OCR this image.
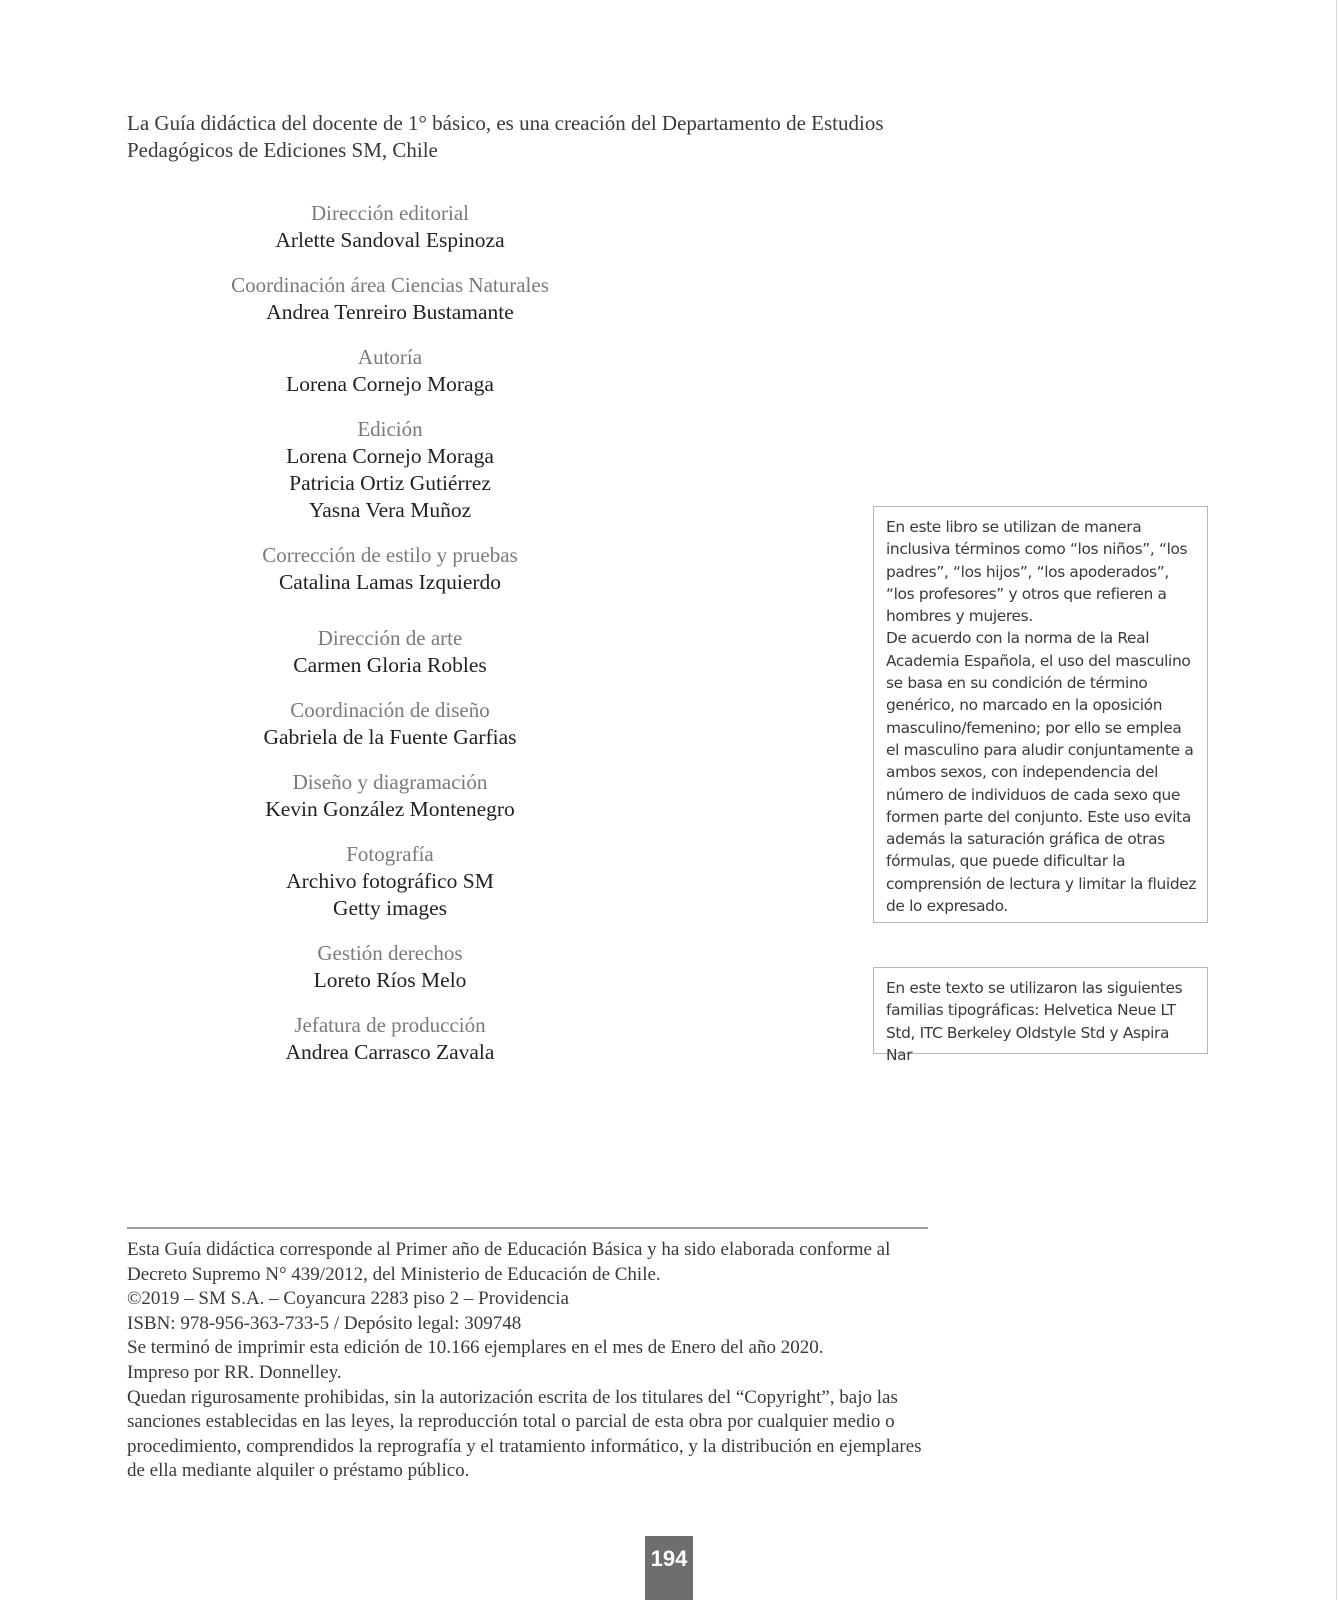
La Guía didáctica del docente de 1° básico, es una creación del Departamento de Estudios Pedagógicos de Ediciones SM, Chile
Dirección editorial
Arlette Sandoval Espinoza
Coordinación área Ciencias Naturales
Andrea Tenreiro Bustamante
Autoría
Lorena Cornejo Moraga
Edición
Lorena Cornejo Moraga
Patricia Ortiz Gutiérrez
Yasna Vera Muñoz
Corrección de estilo y pruebas
Catalina Lamas Izquierdo
Dirección de arte
Carmen Gloria Robles
Coordinación de diseño
Gabriela de la Fuente Garfias
Diseño y diagramación
Kevin González Montenegro
Fotografía
Archivo fotográfico SM
Getty images
Gestión derechos
Loreto Ríos Melo
Jefatura de producción
Andrea Carrasco Zavala

En este libro se utilizan de manera inclusiva términos como “los niños”, “los padres”, “los hijos”, “los apoderados”, “los profesores” y otros que refieren a hombres y mujeres.

De acuerdo con la norma de la Real Academia Española, el uso del masculino se basa en su condición de término genérico, no marcado en la oposición masculino/femenino; por ello se emplea el masculino para aludir conjuntamente a ambos sexos, con independencia del número de individuos de cada sexo que formen parte del conjunto. Este uso evita además la saturación gráfica de otras fórmulas, que puede dificultar la comprensión de lectura y limitar la fluidez de lo expresado.

En este texto se utilizaron las siguientes familias tipográficas: Helvetica Neue LT Std, ITC Berkeley Oldstyle Std y Aspira Nar

Esta Guía didáctica corresponde al Primer año de Educación Básica y ha sido elaborada conforme al Decreto Supremo N° 439/2012, del Ministerio de Educación de Chile.

©2019 – SM S.A. – Coyancura 2283 piso 2 – Providencia

ISBN: 978-956-363-733-5 / Depósito legal: 309748

Se terminó de imprimir esta edición de 10.166 ejemplares en el mes de Enero del año 2020.

Impreso por RR. Donnelley.

Quedan rigurosamente prohibidas, sin la autorización escrita de los titulares del “Copyright”, bajo las sanciones establecidas en las leyes, la reproducción total o parcial de esta obra por cualquier medio o procedimiento, comprendidos la reprografía y el tratamiento informático, y la distribución en ejemplares de ella mediante alquiler o préstamo público.

194
